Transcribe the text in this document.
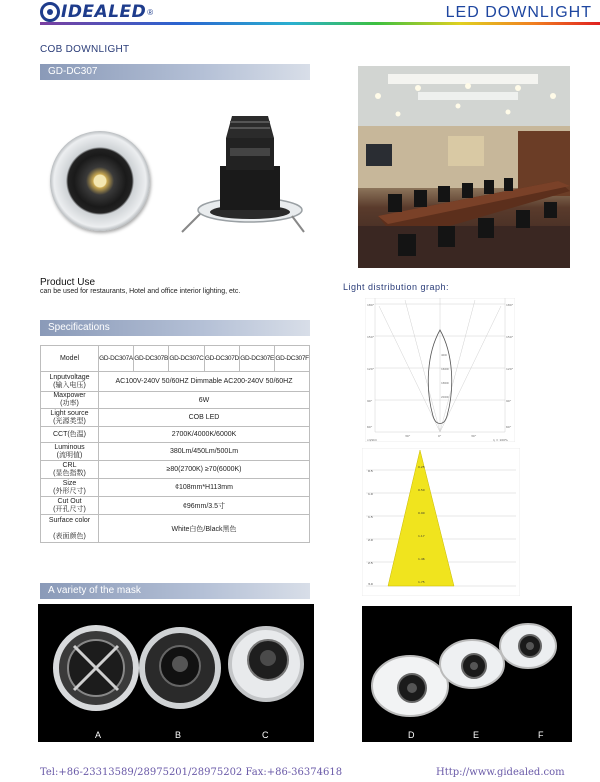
IDEALED ®	LED DOWNLIGHT
COB DOWNLIGHT
GD-DC307
Product Use
can be used for restaurants, Hotel and office interior lighting, etc.	Light distribution graph:
Specifications
Model	GD-DC307A	GD-DC307B	GD-DC307C	GD-DC307D	GD-DC307E	GD-DC307F
Lnputvoltage
(输入电压)	AC100V-240V 50/60HZ Dimmable AC200-240V 50/60HZ					
Maxpower
(功率)	6W					
Light source
(光源类型)	COB LED					
CCT(色温)	2700K/4000K/6000K					
Luminous
(流明值)	380Lm/450Lm/500Lm					
CRL
(显色指数)	≥80(2700K) ≥70(6000K)					
Size
(外形尺寸)	¢108mm*H113mm					
Cut Out
(开孔尺寸)	¢96mm/3.5寸					
Surface color

(表面颜色)	White白色/Black黑色					
180°
150°
120°
90°
60°
180°
150°
120°
90°
60°
30°	0°	30°
400
1600
1800
2000
cd/klm	η = 100%
0.5
1.0
1.5
2.0
2.5
3.0
0.25
0.50
0.90
1.17
1.46
1.75
A variety of the mask
A	B	C	D	E	F
Tel:+86-23313589/28975201/28975202 Fax:+86-36374618	Http://www.gidealed.com
